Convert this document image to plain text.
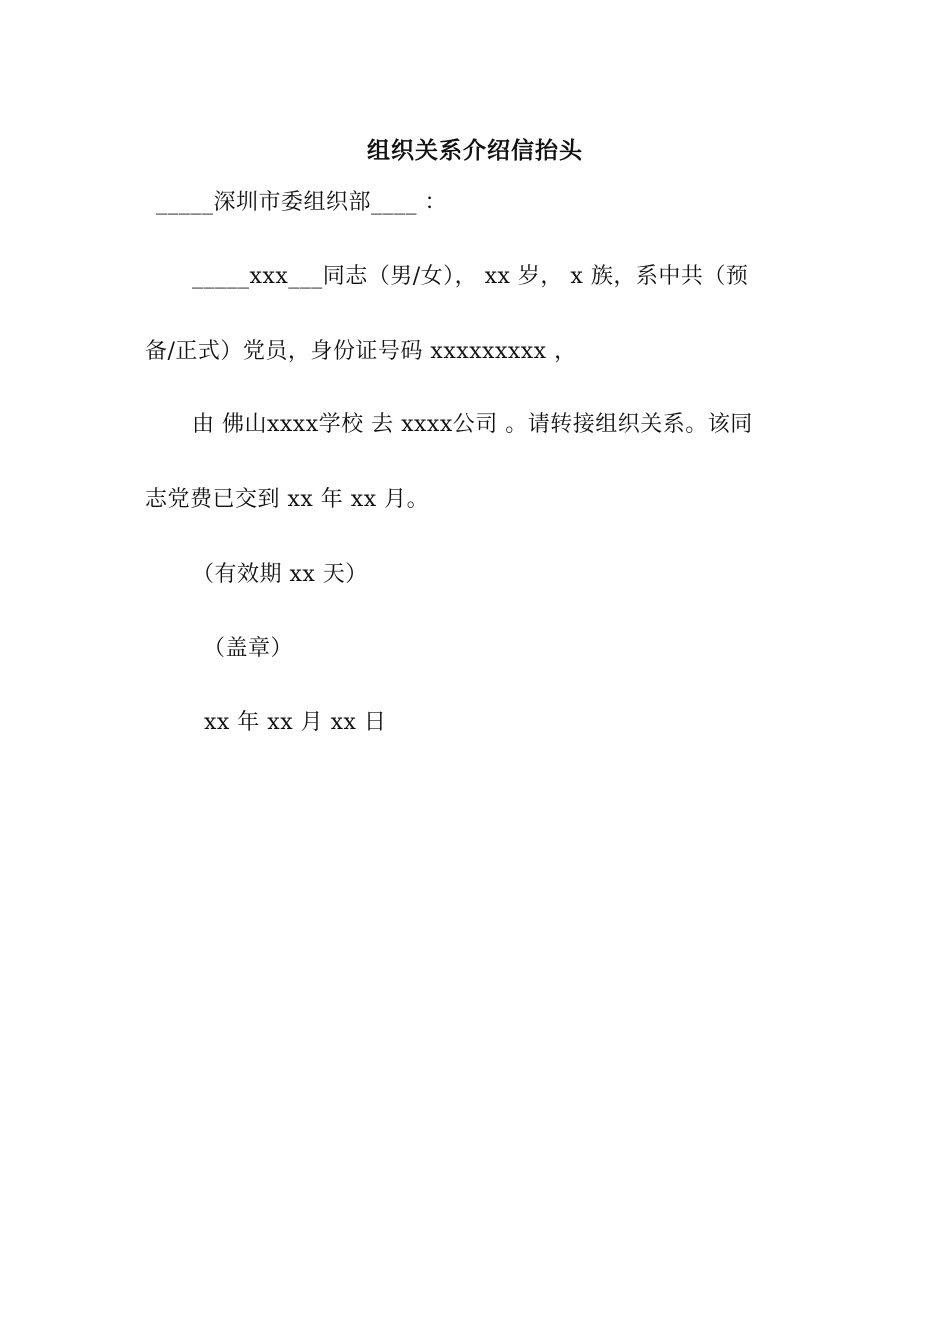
组织关系介绍信抬头
_____深圳市委组织部____ ：
_____xxx___同志（男/女）， xx 岁， x 族，系中共（预
备/正式）党员，身份证号码 xxxxxxxxx ，
由 佛山xxxx学校 去 xxxx公司 。请转接组织关系。该同
志党费已交到 xx 年 xx 月。
（有效期 xx 天）
（盖章）
xx 年 xx 月 xx 日
